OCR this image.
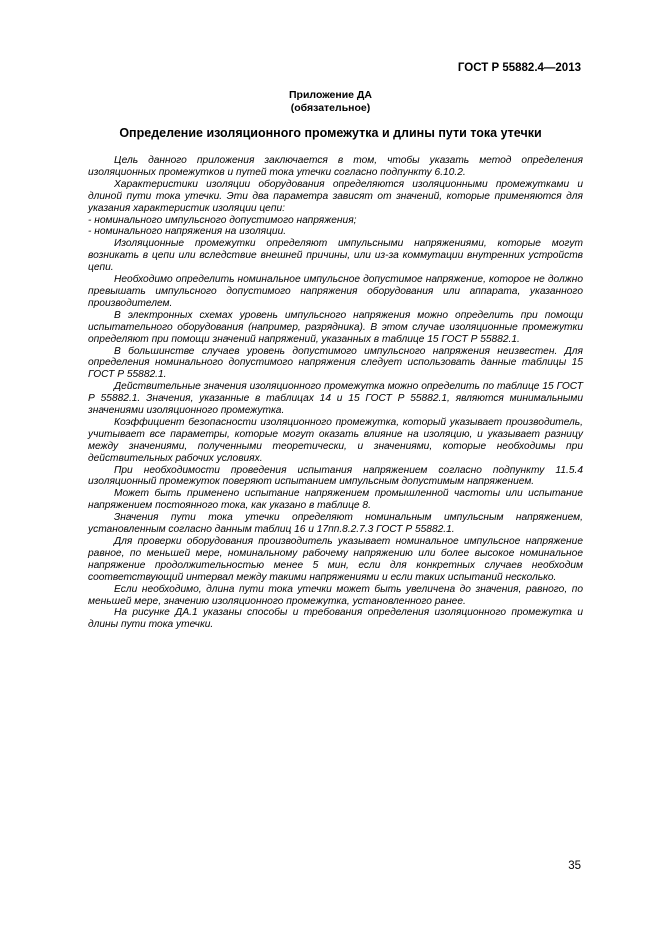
ГОСТ Р 55882.4—2013
Приложение ДА
(обязательное)
Определение изоляционного промежутка и длины пути тока утечки

Цель данного приложения заключается в том, чтобы указать метод определения изоляционных промежутков и путей тока утечки согласно подпункту 6.10.2.

Характеристики изоляции оборудования определяются изоляционными промежутками и длиной пути тока утечки. Эти два параметра зависят от значений, которые применяются для указания характеристик изоляции цепи:

- номинального импульсного допустимого напряжения;

- номинального напряжения на изоляции.

Изоляционные промежутки определяют импульсными напряжениями, которые могут возникать в цепи или вследствие внешней причины, или из-за коммутации внутренних устройств цепи.

Необходимо определить номинальное импульсное допустимое напряжение, которое не должно превышать импульсного допустимого напряжения оборудования или аппарата, указанного производителем.

В электронных схемах уровень импульсного напряжения можно определить при помощи испытательного оборудования (например, разрядника). В этом случае изоляционные промежутки определяют при помощи значений напряжений, указанных в таблице 15 ГОСТ Р 55882.1.

В большинстве случаев уровень допустимого импульсного напряжения неизвестен. Для определения номинального допустимого напряжения следует использовать данные таблицы 15 ГОСТ Р 55882.1.

Действительные значения изоляционного промежутка можно определить по таблице 15 ГОСТ Р 55882.1. Значения, указанные в таблицах 14 и 15 ГОСТ Р 55882.1, являются минимальными значениями изоляционного промежутка.

Коэффициент безопасности изоляционного промежутка, который указывает производитель, учитывает все параметры, которые могут оказать влияние на изоляцию, и указывает разницу между значениями, полученными теоретически, и значениями, которые необходимы при действительных рабочих условиях.

При необходимости проведения испытания напряжением согласно подпункту 11.5.4 изоляционный промежуток поверяют испытанием импульсным допустимым напряжением.

Может быть применено испытание напряжением промышленной частоты или испытание напряжением постоянного тока, как указано в таблице 8.

Значения пути тока утечки определяют номинальным импульсным напряжением, установленным согласно данным таблиц 16 и 17пп.8.2.7.3 ГОСТ Р 55882.1.

Для проверки оборудования производитель указывает номинальное импульсное напряжение равное, по меньшей мере, номинальному рабочему напряжению или более высокое номинальное напряжение продолжительностью менее 5 мин, если для конкретных случаев необходим соответствующий интервал между такими напряжениями и если таких испытаний несколько.

Если необходимо, длина пути тока утечки может быть увеличена до значения, равного, по меньшей мере, значению изоляционного промежутка, установленного ранее.

На рисунке ДА.1 указаны способы и требования определения изоляционного промежутка и длины пути тока утечки.

35
